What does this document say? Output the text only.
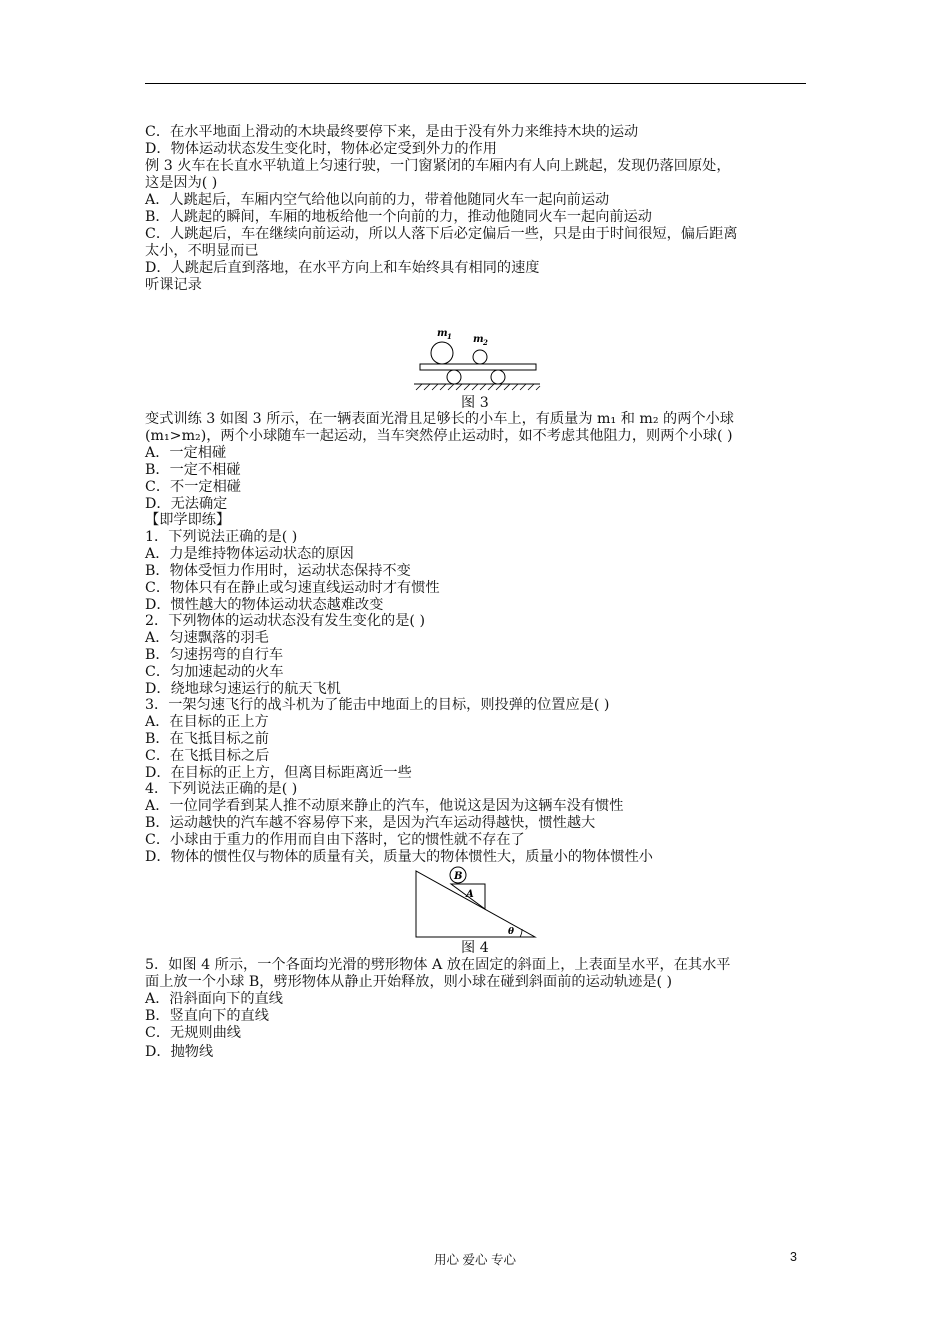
C．在水平地面上滑动的木块最终要停下来，是由于没有外力来维持木块的运动
D．物体运动状态发生变化时，物体必定受到外力的作用
例 3 火车在长直水平轨道上匀速行驶，一门窗紧闭的车厢内有人向上跳起，发现仍落回原处，
这是因为( )
A．人跳起后，车厢内空气给他以向前的力，带着他随同火车一起向前运动
B．人跳起的瞬间，车厢的地板给他一个向前的力，推动他随同火车一起向前运动
C．人跳起后，车在继续向前运动，所以人落下后必定偏后一些，只是由于时间很短，偏后距离
太小，不明显而已
D．人跳起后直到落地，在水平方向上和车始终具有相同的速度
听课记录
m 1 m 2
图 3
变式训练 3 如图 3 所示，在一辆表面光滑且足够长的小车上，有质量为 m₁ 和 m₂ 的两个小球
(m₁>m₂)，两个小球随车一起运动，当车突然停止运动时，如不考虑其他阻力，则两个小球( )
A．一定相碰
B．一定不相碰
C．不一定相碰
D．无法确定
【即学即练】
1．下列说法正确的是( )
A．力是维持物体运动状态的原因
B．物体受恒力作用时，运动状态保持不变
C．物体只有在静止或匀速直线运动时才有惯性
D．惯性越大的物体运动状态越难改变
2．下列物体的运动状态没有发生变化的是( )
A．匀速飘落的羽毛
B．匀速拐弯的自行车
C．匀加速起动的火车
D．绕地球匀速运行的航天飞机
3．一架匀速飞行的战斗机为了能击中地面上的目标，则投弹的位置应是( )
A．在目标的正上方
B．在飞抵目标之前
C．在飞抵目标之后
D．在目标的正上方，但离目标距离近一些
4．下列说法正确的是( )
A．一位同学看到某人推不动原来静止的汽车，他说这是因为这辆车没有惯性
B．运动越快的汽车越不容易停下来，是因为汽车运动得越快，惯性越大
C．小球由于重力的作用而自由下落时，它的惯性就不存在了
D．物体的惯性仅与物体的质量有关，质量大的物体惯性大，质量小的物体惯性小
B
A
θ
图 4
5．如图 4 所示，一个各面均光滑的劈形物体 A 放在固定的斜面上，上表面呈水平，在其水平
面上放一个小球 B，劈形物体从静止开始释放，则小球在碰到斜面前的运动轨迹是( )
A．沿斜面向下的直线
B．竖直向下的直线
C．无规则曲线
D．抛物线
用心 爱心 专心	3
